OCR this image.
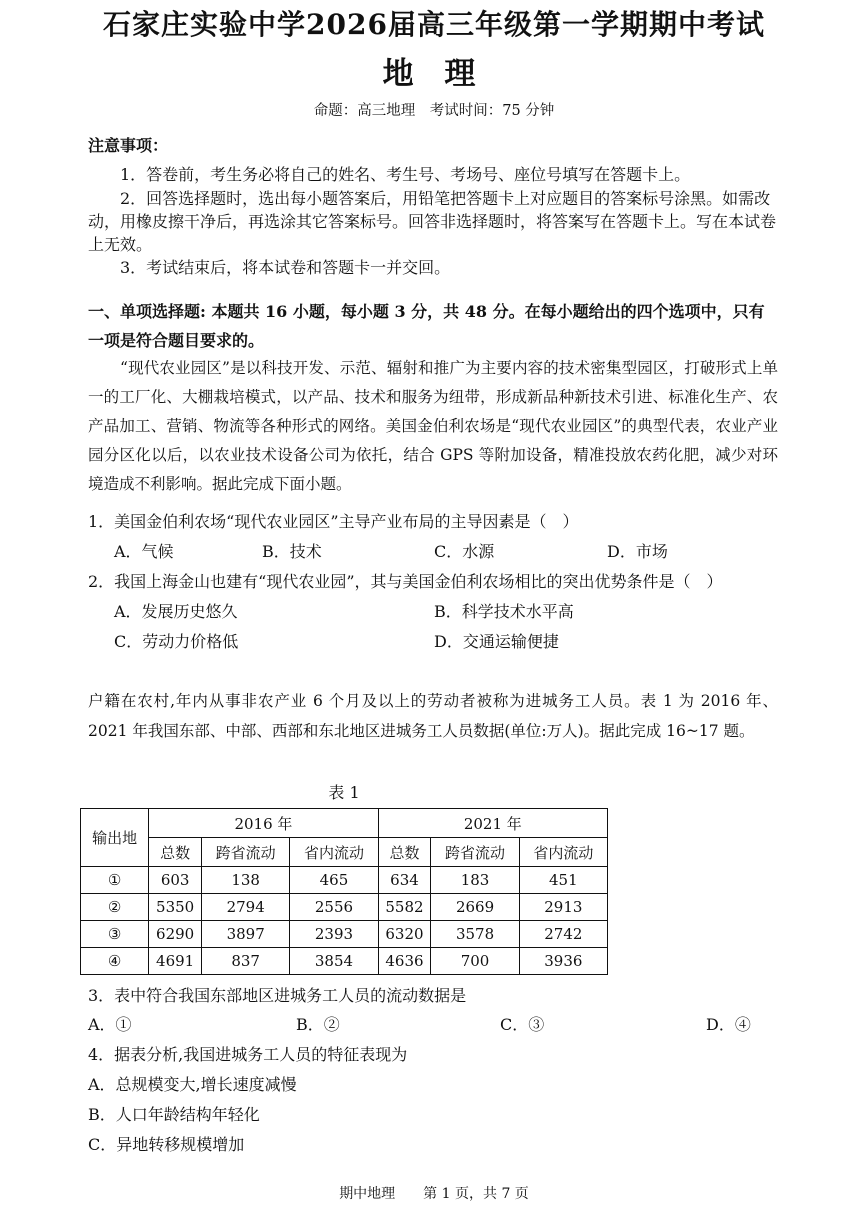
石家庄实验中学2026届高三年级第一学期期中考试
地 理
命题：高三地理　考试时间：75 分钟
注意事项：
1．答卷前，考生务必将自己的姓名、考生号、考场号、座位号填写在答题卡上。
2．回答选择题时，选出每小题答案后，用铅笔把答题卡上对应题目的答案标号涂黑。如需改动，用橡皮擦干净后，再选涂其它答案标号。回答非选择题时，将答案写在答题卡上。写在本试卷上无效。
3．考试结束后，将本试卷和答题卡一并交回。
一、单项选择题: 本题共 16 小题，每小题 3 分，共 48 分。在每小题给出的四个选项中，只有一项是符合题目要求的。
“现代农业园区”是以科技开发、示范、辐射和推广为主要内容的技术密集型园区，打破形式上单一的工厂化、大棚栽培模式，以产品、技术和服务为纽带，形成新品种新技术引进、标准化生产、农产品加工、营销、物流等各种形式的网络。美国金伯利农场是“现代农业园区”的典型代表，农业产业园分区化以后，以农业技术设备公司为依托，结合 GPS 等附加设备，精准投放农药化肥，减少对环境造成不利影响。据此完成下面小题。
1．美国金伯利农场“现代农业园区”主导产业布局的主导因素是（　）
A．气候	B．技术	C．水源	D．市场
2．我国上海金山也建有“现代农业园”，其与美国金伯利农场相比的突出优势条件是（　）
A．发展历史悠久	B．科学技术水平高
C．劳动力价格低	D．交通运输便捷
户籍在农村,年内从事非农产业 6 个月及以上的劳动者被称为进城务工人员。表 1 为 2016 年、2021 年我国东部、中部、西部和东北地区进城务工人员数据(单位:万人)。据此完成 16~17 题。
表 1
输出地	2016 年			2021 年		
	总数	跨省流动	省内流动	总数	跨省流动	省内流动
①	603	138	465	634	183	451
②	5350	2794	2556	5582	2669	2913
③	6290	3897	2393	6320	3578	2742
④	4691	837	3854	4636	700	3936
3．表中符合我国东部地区进城务工人员的流动数据是
A．①	B．②	C．③	D．④
4．据表分析,我国进城务工人员的特征表现为
A．总规模变大,增长速度减慢
B．人口年龄结构年轻化
C．异地转移规模增加
期中地理　　第 1 页，共 7 页
